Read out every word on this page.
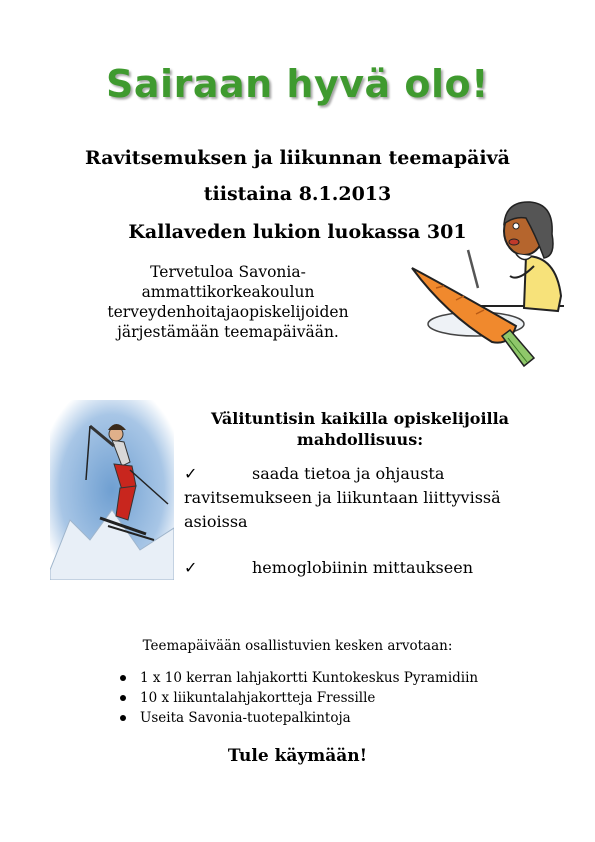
Sairaan hyvä olo!
Ravitsemuksen ja liikunnan teemapäivä
tiistaina 8.1.2013
Kallaveden lukion luokassa 301
Tervetuloa Savonia-
ammattikorkeakoulun
terveydenhoitajaopiskelijoiden
järjestämään teemapäivään.
Välituntisin kaikilla opiskelijoilla
mahdollisuus:
✓	saada tietoa ja ohjausta
ravitsemukseen ja liikuntaan liittyvissä
asioissa
✓	hemoglobiinin mittaukseen
Teemapäivään osallistuvien kesken arvotaan:
1 x 10 kerran lahjakortti Kuntokeskus Pyramidiin
10 x liikuntalahjakortteja Fressille
Useita Savonia-tuotepalkintoja
Tule käymään!
